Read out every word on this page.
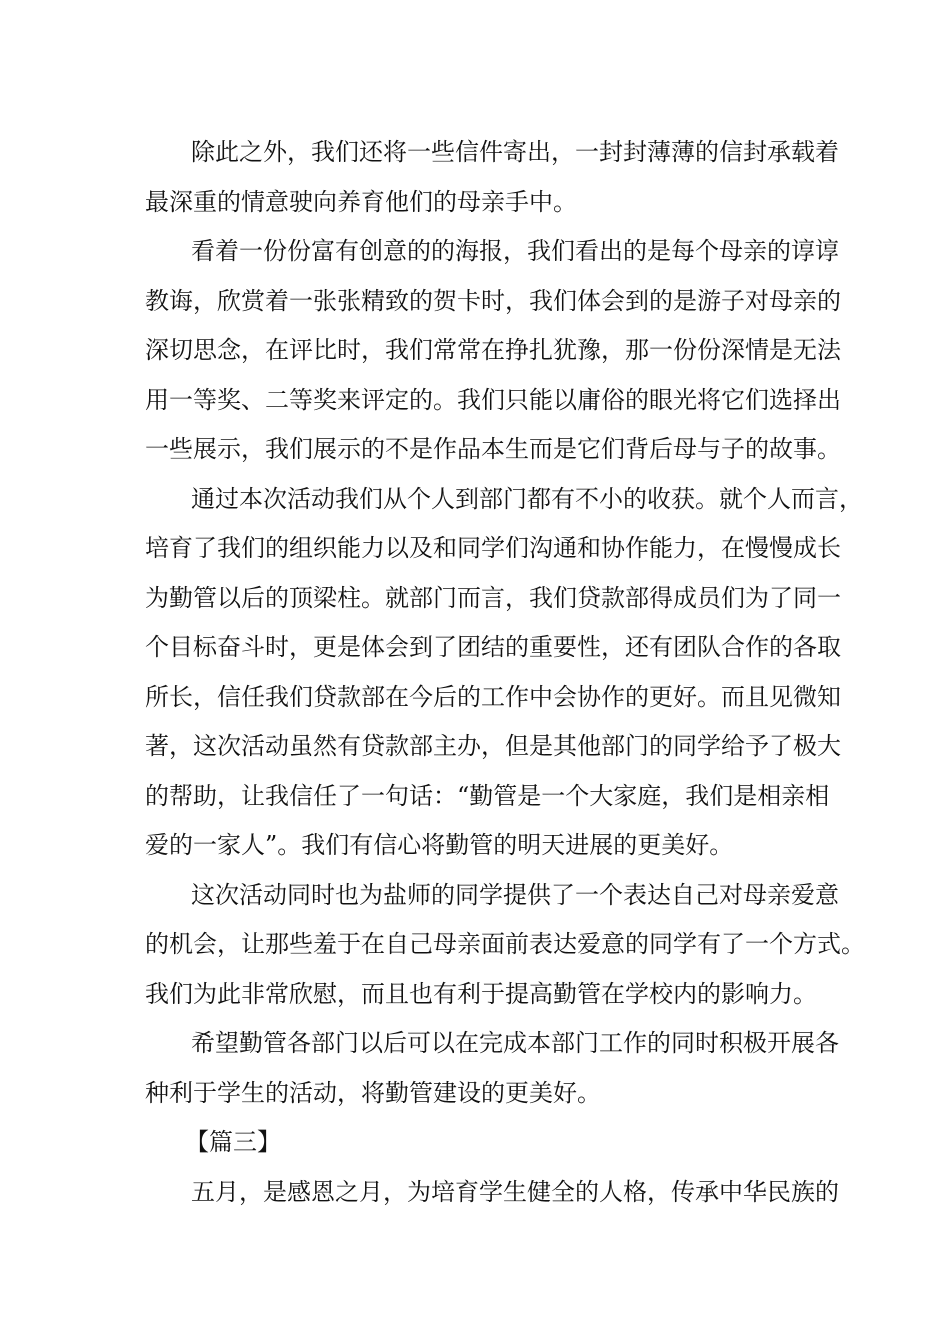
除此之外，我们还将一些信件寄出，一封封薄薄的信封承载着
最深重的情意驶向养育他们的母亲手中。
看着一份份富有创意的的海报，我们看出的是每个母亲的谆谆
教诲，欣赏着一张张精致的贺卡时，我们体会到的是游子对母亲的
深切思念，在评比时，我们常常在挣扎犹豫，那一份份深情是无法
用一等奖、二等奖来评定的。我们只能以庸俗的眼光将它们选择出
一些展示，我们展示的不是作品本生而是它们背后母与子的故事。
通过本次活动我们从个人到部门都有不小的收获。就个人而言，
培育了我们的组织能力以及和同学们沟通和协作能力，在慢慢成长
为勤管以后的顶梁柱。就部门而言，我们贷款部得成员们为了同一
个目标奋斗时，更是体会到了团结的重要性，还有团队合作的各取
所长，信任我们贷款部在今后的工作中会协作的更好。而且见微知
著，这次活动虽然有贷款部主办，但是其他部门的同学给予了极大
的帮助，让我信任了一句话：“勤管是一个大家庭，我们是相亲相
爱的一家人”。我们有信心将勤管的明天进展的更美好。
这次活动同时也为盐师的同学提供了一个表达自己对母亲爱意
的机会，让那些羞于在自己母亲面前表达爱意的同学有了一个方式。
我们为此非常欣慰，而且也有利于提高勤管在学校内的影响力。
希望勤管各部门以后可以在完成本部门工作的同时积极开展各
种利于学生的活动，将勤管建设的更美好。
【篇三】
五月，是感恩之月，为培育学生健全的人格，传承中华民族的
